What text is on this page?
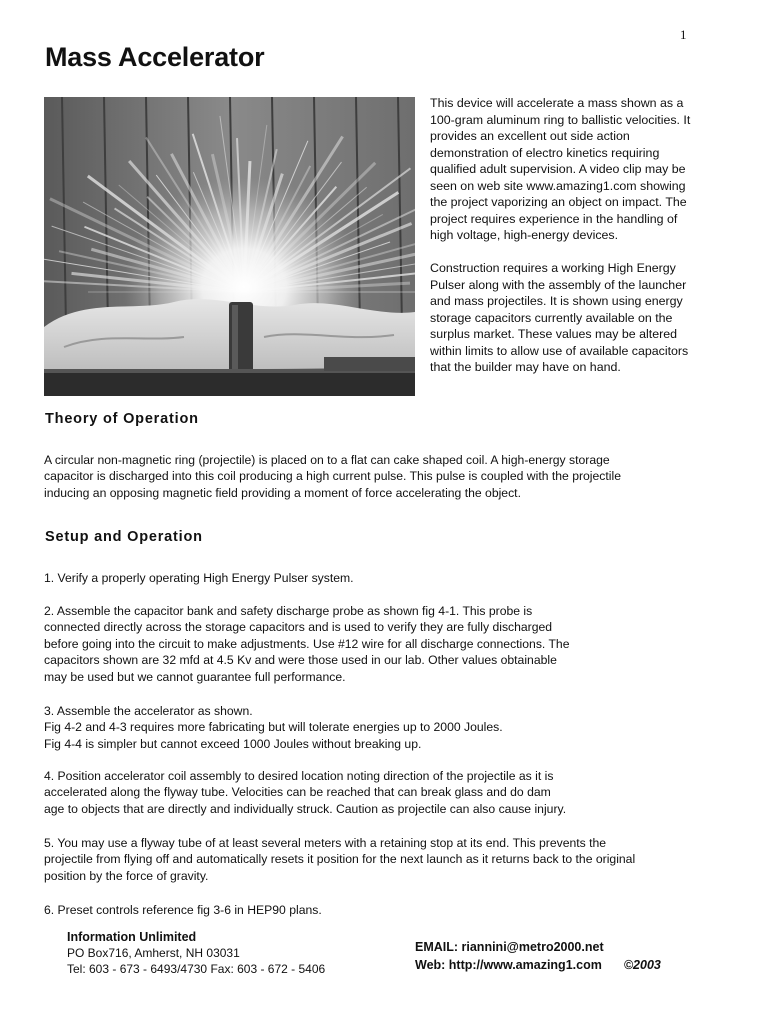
1
Mass Accelerator

This device will accelerate a mass shown as a
100-gram aluminum ring to ballistic velocities. It
provides an excellent out side action
demonstration of electro kinetics requiring
qualified adult supervision. A video clip may be
seen on web site www.amazing1.com showing
the project vaporizing an object on impact. The
project requires experience in the handling of
high voltage, high-energy devices.

Construction requires a working High Energy
Pulser along with the assembly of the launcher
and mass projectiles. It is shown using energy
storage capacitors currently available on the
surplus market. These values may be altered
within limits to allow use of available capacitors
that the builder may have on hand.

Theory of Operation
A circular non-magnetic ring (projectile) is placed on to a flat can cake shaped coil. A high-energy storage
capacitor is discharged into this coil producing a high current pulse. This pulse is coupled with the projectile
inducing an opposing magnetic field providing a moment of force accelerating the object.
Setup and Operation
1. Verify a properly operating High Energy Pulser system.
2. Assemble the capacitor bank and safety discharge probe as shown fig 4-1. This probe is
connected directly across the storage capacitors and is used to verify they are fully discharged
before going into the circuit to make adjustments. Use #12 wire for all discharge connections. The
capacitors shown are 32 mfd at 4.5 Kv and were those used in our lab. Other values obtainable
may be used but we cannot guarantee full performance.
3. Assemble the accelerator as shown.
Fig 4-2 and 4-3 requires more fabricating but will tolerate energies up to 2000 Joules.
Fig 4-4 is simpler but cannot exceed 1000 Joules without breaking up.
4. Position accelerator coil assembly to desired location noting direction of the projectile as it is
accelerated along the flyway tube. Velocities can be reached that can break glass and do dam
age to objects that are directly and individually struck. Caution as projectile can also cause injury.
5. You may use a flyway tube of at least several meters with a retaining stop at its end. This prevents the
projectile from flying off and automatically resets it position for the next launch as it returns back to the original
position by the force of gravity.
6. Preset controls reference fig 3-6 in HEP90 plans.
Information Unlimited
PO Box716, Amherst, NH 03031
Tel: 603 - 673 - 6493/4730 Fax: 603 - 672 - 5406
EMAIL: riannini@metro2000.net
Web: http://www.amazing1.com ©2003
